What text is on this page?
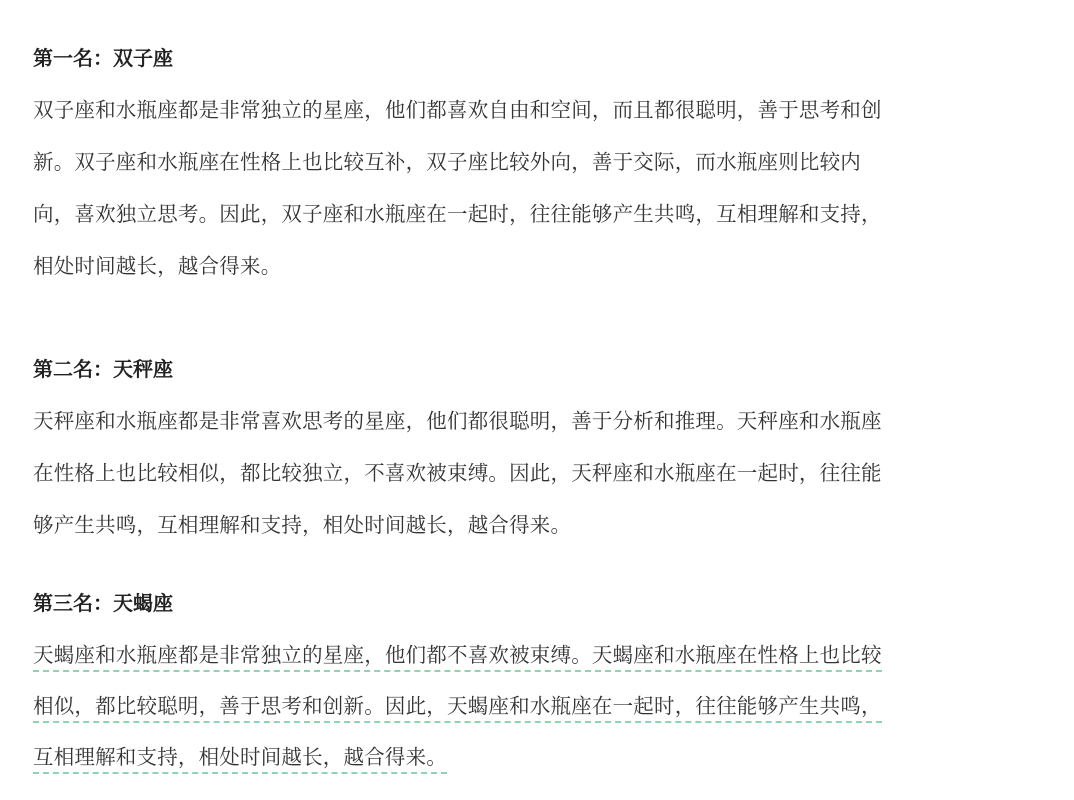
第一名：双子座
双子座和水瓶座都是非常独立的星座，他们都喜欢自由和空间，而且都很聪明，善于思考和创
新。双子座和水瓶座在性格上也比较互补，双子座比较外向，善于交际，而水瓶座则比较内
向，喜欢独立思考。因此，双子座和水瓶座在一起时，往往能够产生共鸣，互相理解和支持，
相处时间越长，越合得来。
第二名：天秤座
天秤座和水瓶座都是非常喜欢思考的星座，他们都很聪明，善于分析和推理。天秤座和水瓶座
在性格上也比较相似，都比较独立，不喜欢被束缚。因此，天秤座和水瓶座在一起时，往往能
够产生共鸣，互相理解和支持，相处时间越长，越合得来。
第三名：天蝎座
天蝎座和水瓶座都是非常独立的星座，他们都不喜欢被束缚。天蝎座和水瓶座在性格上也比较
相似，都比较聪明，善于思考和创新。因此，天蝎座和水瓶座在一起时，往往能够产生共鸣，
互相理解和支持，相处时间越长，越合得来。
